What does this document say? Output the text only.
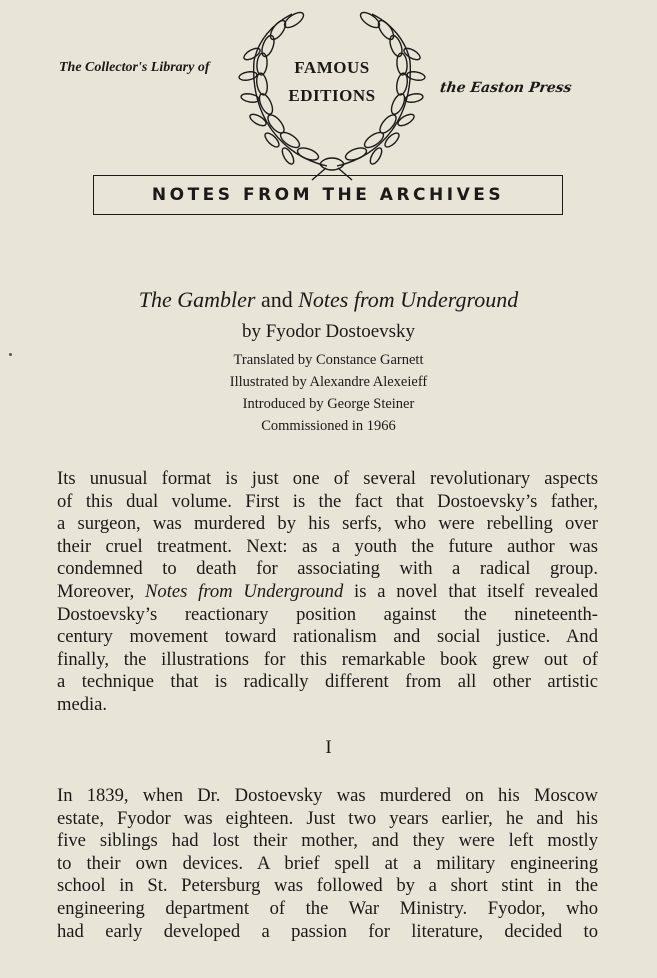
The Collector's Library of	FAMOUS
EDITIONS	the Easton Press
NOTES FROM THE ARCHIVES
The Gambler and Notes from Underground
by Fyodor Dostoevsky
Translated by Constance Garnett
Illustrated by Alexandre Alexeieff
Introduced by George Steiner
Commissioned in 1966
Its unusual format is just one of several revolutionary aspects
of this dual volume. First is the fact that Dostoevsky’s father,
a surgeon, was murdered by his serfs, who were rebelling over
their cruel treatment. Next: as a youth the future author was
condemned to death for associating with a radical group.
Moreover, Notes from Underground is a novel that itself revealed
Dostoevsky’s reactionary position against the nineteenth-
century movement toward rationalism and social justice. And
finally, the illustrations for this remarkable book grew out of
a technique that is radically different from all other artistic
media.
I
In 1839, when Dr. Dostoevsky was murdered on his Moscow
estate, Fyodor was eighteen. Just two years earlier, he and his
five siblings had lost their mother, and they were left mostly
to their own devices. A brief spell at a military engineering
school in St. Petersburg was followed by a short stint in the
engineering department of the War Ministry. Fyodor, who
had early developed a passion for literature, decided to
